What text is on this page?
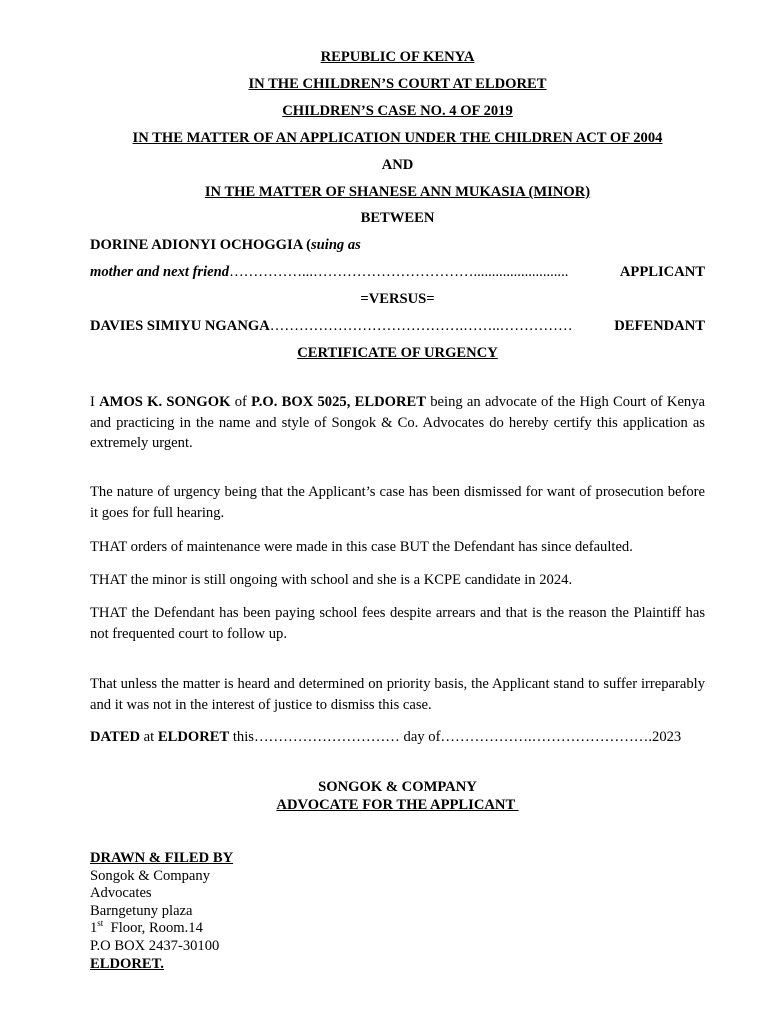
REPUBLIC OF KENYA
IN THE CHILDREN’S COURT AT ELDORET
CHILDREN’S CASE NO. 4 OF 2019
IN THE MATTER OF AN APPLICATION UNDER THE CHILDREN ACT OF 2004
AND
IN THE MATTER OF SHANESE ANN MUKASIA (MINOR)
BETWEEN
DORINE ADIONYI OCHOGGIA (suing as
mother and next friend……………...……………………………..........................	APPLICANT
=VERSUS=
DAVIES SIMIYU NGANGA………………………………….……..……………	DEFENDANT
CERTIFICATE OF URGENCY
I AMOS K. SONGOK of P.O. BOX 5025, ELDORET being an advocate of the High Court of Kenya and practicing in the name and style of Songok & Co. Advocates do hereby certify this application as extremely urgent.
The nature of urgency being that the Applicant’s case has been dismissed for want of prosecution before it goes for full hearing.
THAT orders of maintenance were made in this case BUT the Defendant has since defaulted.
THAT the minor is still ongoing with school and she is a KCPE candidate in 2024.
THAT the Defendant has been paying school fees despite arrears and that is the reason the Plaintiff has not frequented court to follow up.
That unless the matter is heard and determined on priority basis, the Applicant stand to suffer irreparably and it was not in the interest of justice to dismiss this case.
DATED at ELDORET this………………………… day of……………….…………………….2023
SONGOK & COMPANY
ADVOCATE FOR THE APPLICANT
DRAWN & FILED BY
Songok & Company
Advocates
Barngetuny plaza
1st  Floor, Room.14
P.O BOX 2437-30100
ELDORET.
